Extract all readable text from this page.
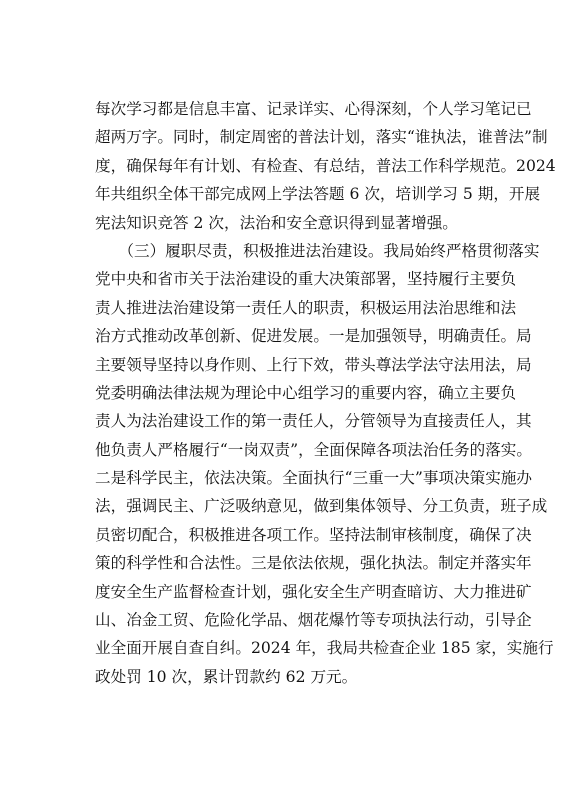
每次学习都是信息丰富、记录详实、心得深刻，个人学习笔记已
超两万字。同时，制定周密的普法计划，落实“谁执法，谁普法”制
度，确保每年有计划、有检查、有总结，普法工作科学规范。2024
年共组织全体干部完成网上学法答题 6 次，培训学习 5 期，开展
宪法知识竞答 2 次，法治和安全意识得到显著增强。
　　（三）履职尽责，积极推进法治建设。我局始终严格贯彻落实
党中央和省市关于法治建设的重大决策部署，坚持履行主要负
责人推进法治建设第一责任人的职责，积极运用法治思维和法
治方式推动改革创新、促进发展。一是加强领导，明确责任。局
主要领导坚持以身作则、上行下效，带头尊法学法守法用法，局
党委明确法律法规为理论中心组学习的重要内容，确立主要负
责人为法治建设工作的第一责任人，分管领导为直接责任人，其
他负责人严格履行“一岗双责”，全面保障各项法治任务的落实。
二是科学民主，依法决策。全面执行“三重一大”事项决策实施办
法，强调民主、广泛吸纳意见，做到集体领导、分工负责，班子成
员密切配合，积极推进各项工作。坚持法制审核制度，确保了决
策的科学性和合法性。三是依法依规，强化执法。制定并落实年
度安全生产监督检查计划，强化安全生产明查暗访、大力推进矿
山、冶金工贸、危险化学品、烟花爆竹等专项执法行动，引导企
业全面开展自查自纠。2024 年，我局共检查企业 185 家，实施行
政处罚 10 次，累计罚款约 62 万元。
